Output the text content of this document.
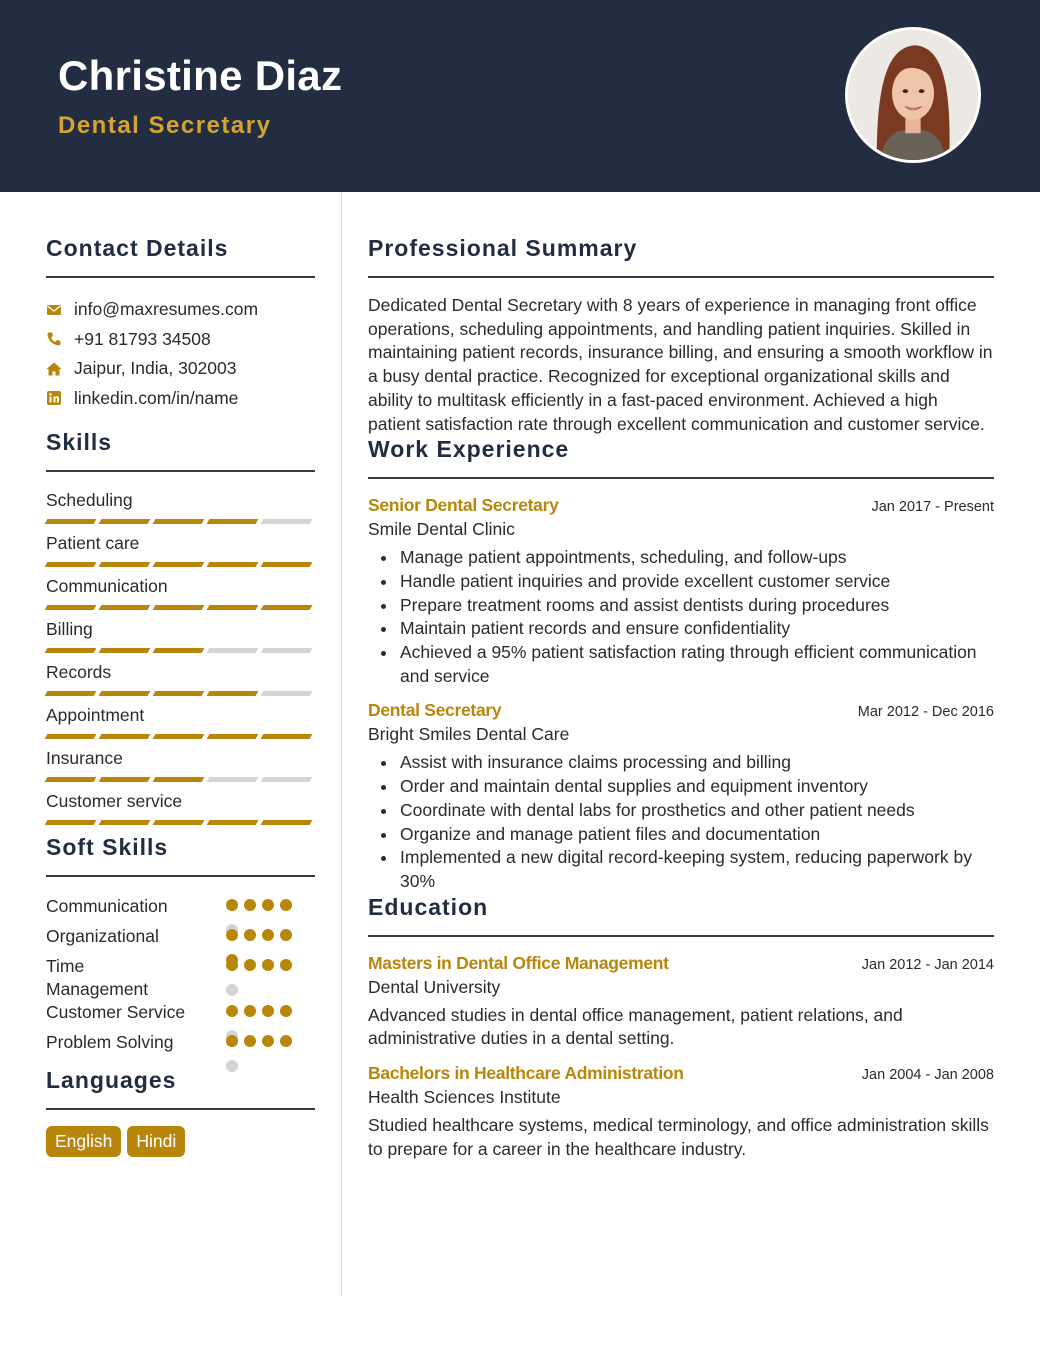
Christine Diaz
Dental Secretary
Contact Details
info@maxresumes.com
+91 81793 34508
Jaipur, India, 302003
linkedin.com/in/name
Skills
Scheduling
Patient care
Communication
Billing
Records
Appointment
Insurance
Customer service
Soft Skills
Communication
Organizational
Time Management
Customer Service
Problem Solving
Languages
English	Hindi
Professional Summary
Dedicated Dental Secretary with 8 years of experience in managing front office operations, scheduling appointments, and handling patient inquiries. Skilled in maintaining patient records, insurance billing, and ensuring a smooth workflow in a busy dental practice. Recognized for exceptional organizational skills and ability to multitask efficiently in a fast-paced environment. Achieved a high patient satisfaction rate through excellent communication and customer service.
Work Experience
Senior Dental Secretary	Jan 2017 - Present
Smile Dental Clinic
Manage patient appointments, scheduling, and follow-ups
Handle patient inquiries and provide excellent customer service
Prepare treatment rooms and assist dentists during procedures
Maintain patient records and ensure confidentiality
Achieved a 95% patient satisfaction rating through efficient communication and service
Dental Secretary	Mar 2012 - Dec 2016
Bright Smiles Dental Care
Assist with insurance claims processing and billing
Order and maintain dental supplies and equipment inventory
Coordinate with dental labs for prosthetics and other patient needs
Organize and manage patient files and documentation
Implemented a new digital record-keeping system, reducing paperwork by 30%
Education
Masters in Dental Office Management	Jan 2012 - Jan 2014
Dental University
Advanced studies in dental office management, patient relations, and administrative duties in a dental setting.
Bachelors in Healthcare Administration	Jan 2004 - Jan 2008
Health Sciences Institute
Studied healthcare systems, medical terminology, and office administration skills to prepare for a career in the healthcare industry.
